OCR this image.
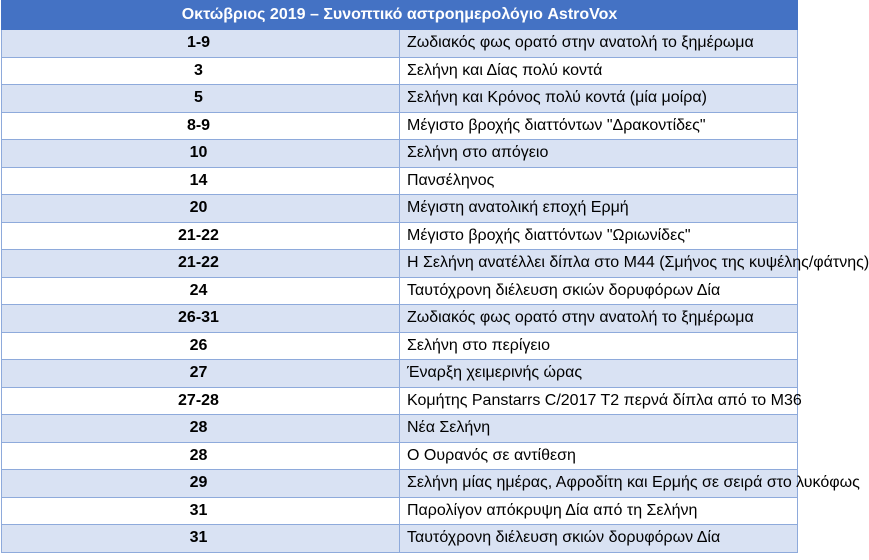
Οκτώβριος 2019 – Συνοπτικό αστροημερολόγιο AstroVox	
1-9	Ζωδιακός φως ορατό στην ανατολή το ξημέρωμα
3	Σελήνη και Δίας πολύ κοντά
5	Σελήνη και Κρόνος πολύ κοντά (μία μοίρα)
8-9	Μέγιστο βροχής διαττόντων "Δρακοντίδες"
10	Σελήνη στο απόγειο
14	Πανσέληνος
20	Μέγιστη ανατολική εποχή Ερμή
21-22	Μέγιστο βροχής διαττόντων "Ωριωνίδες"
21-22	Η Σελήνη ανατέλλει δίπλα στο Μ44 (Σμήνος της κυψέλης/φάτνης)
24	Ταυτόχρονη διέλευση σκιών δορυφόρων Δία
26-31	Ζωδιακός φως ορατό στην ανατολή το ξημέρωμα
26	Σελήνη στο περίγειο
27	Έναρξη χειμερινής ώρας
27-28	Κομήτης Panstarrs C/2017 T2 περνά δίπλα από το Μ36
28	Νέα Σελήνη
28	Ο Ουρανός σε αντίθεση
29	Σελήνη μίας ημέρας, Αφροδίτη και Ερμής σε σειρά στο λυκόφως
31	Παρολίγον απόκρυψη Δία από τη Σελήνη
31	Ταυτόχρονη διέλευση σκιών δορυφόρων Δία
